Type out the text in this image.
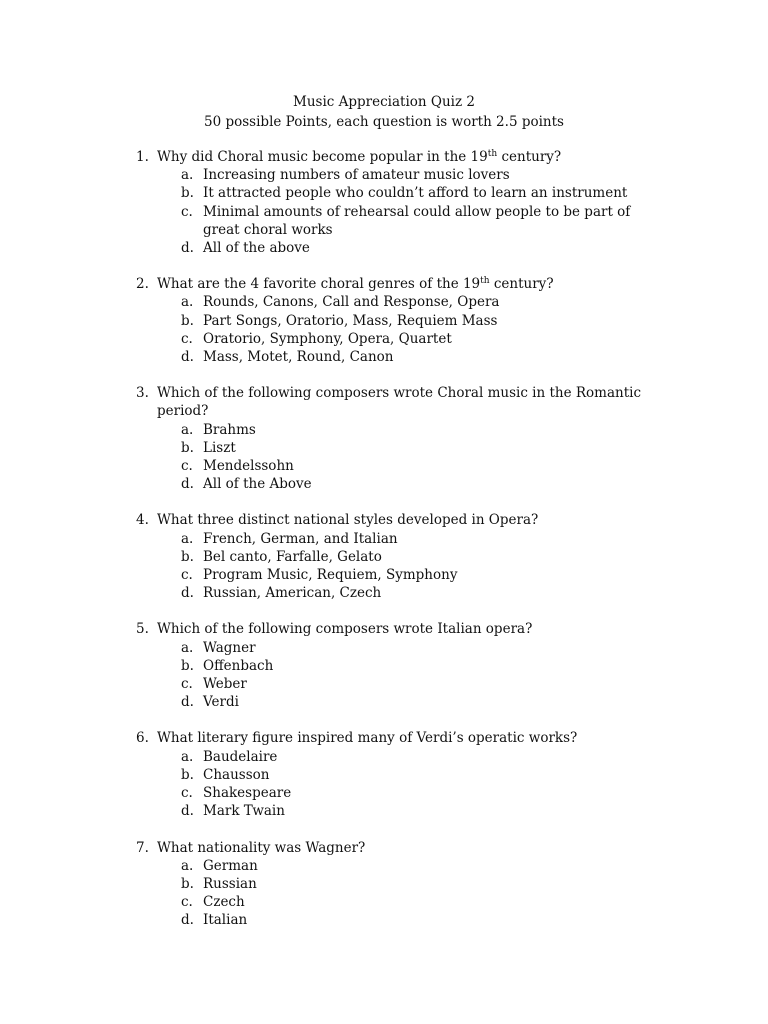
Music Appreciation Quiz 2
50 possible Points, each question is worth 2.5 points
1. Why did Choral music become popular in the 19th century?
a. Increasing numbers of amateur music lovers
b. It attracted people who couldn’t afford to learn an instrument
c. Minimal amounts of rehearsal could allow people to be part of great choral works
d. All of the above
2. What are the 4 favorite choral genres of the 19th century?
a. Rounds, Canons, Call and Response, Opera
b. Part Songs, Oratorio, Mass, Requiem Mass
c. Oratorio, Symphony, Opera, Quartet
d. Mass, Motet, Round, Canon
3. Which of the following composers wrote Choral music in the Romantic period?
a. Brahms
b. Liszt
c. Mendelssohn
d. All of the Above
4. What three distinct national styles developed in Opera?
a. French, German, and Italian
b. Bel canto, Farfalle, Gelato
c. Program Music, Requiem, Symphony
d. Russian, American, Czech
5. Which of the following composers wrote Italian opera?
a. Wagner
b. Offenbach
c. Weber
d. Verdi
6. What literary figure inspired many of Verdi’s operatic works?
a. Baudelaire
b. Chausson
c. Shakespeare
d. Mark Twain
7. What nationality was Wagner?
a. German
b. Russian
c. Czech
d. Italian
